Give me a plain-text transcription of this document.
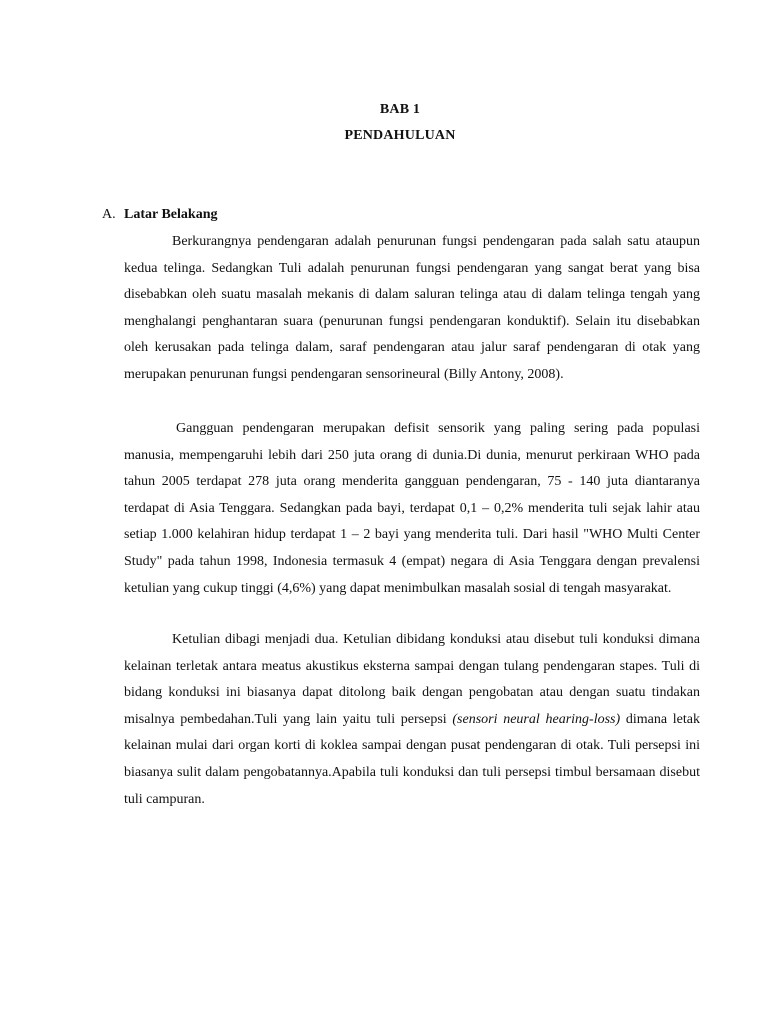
BAB 1
PENDAHULUAN
A. Latar Belakang

Berkurangnya pendengaran adalah penurunan fungsi pendengaran pada salah satu ataupun kedua telinga. Sedangkan Tuli adalah penurunan fungsi pendengaran yang sangat berat yang bisa disebabkan oleh suatu masalah mekanis di dalam saluran telinga atau di dalam telinga tengah yang menghalangi penghantaran suara (penurunan fungsi pendengaran konduktif). Selain itu disebabkan oleh kerusakan pada telinga dalam, saraf pendengaran atau jalur saraf pendengaran di otak yang merupakan penurunan fungsi pendengaran sensorineural (Billy Antony, 2008).

Gangguan pendengaran merupakan defisit sensorik yang paling sering pada populasi manusia, mempengaruhi lebih dari 250 juta orang di dunia.Di dunia, menurut perkiraan WHO pada tahun 2005 terdapat 278 juta orang menderita gangguan pendengaran, 75 - 140 juta diantaranya terdapat di Asia Tenggara. Sedangkan pada bayi, terdapat 0,1 – 0,2% menderita tuli sejak lahir atau setiap 1.000 kelahiran hidup terdapat 1 – 2 bayi yang menderita tuli. Dari hasil "WHO Multi Center Study" pada tahun 1998, Indonesia termasuk 4 (empat) negara di Asia Tenggara dengan prevalensi ketulian yang cukup tinggi (4,6%) yang dapat menimbulkan masalah sosial di tengah masyarakat.

Ketulian dibagi menjadi dua. Ketulian dibidang konduksi atau disebut tuli konduksi dimana kelainan terletak antara meatus akustikus eksterna sampai dengan tulang pendengaran stapes. Tuli di bidang konduksi ini biasanya dapat ditolong baik dengan pengobatan atau dengan suatu tindakan misalnya pembedahan.Tuli yang lain yaitu tuli persepsi (sensori neural hearing-loss) dimana letak kelainan mulai dari organ korti di koklea sampai dengan pusat pendengaran di otak. Tuli persepsi ini biasanya sulit dalam pengobatannya.Apabila tuli konduksi dan tuli persepsi timbul bersamaan disebut tuli campuran.
